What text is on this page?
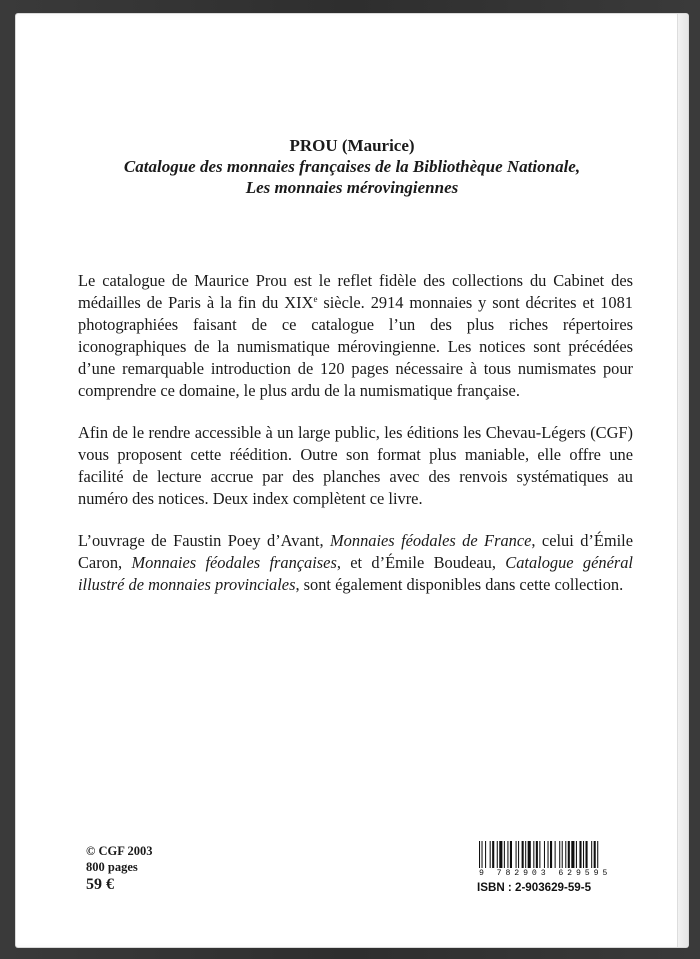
PROU (Maurice)
Catalogue des monnaies françaises de la Bibliothèque Nationale,
Les monnaies mérovingiennes

Le catalogue de Maurice Prou est le reflet fidèle des collections du Cabinet des médailles de Paris à la fin du XIXe siècle. 2914 monnaies y sont décrites et 1081 photographiées faisant de ce catalogue l’un des plus riches répertoires iconographiques de la numismatique mérovingienne. Les notices sont précédées d’une remarquable introduction de 120 pages nécessaire à tous numismates pour comprendre ce domaine, le plus ardu de la numismatique française.

Afin de le rendre accessible à un large public, les éditions les Chevau-Légers (CGF) vous proposent cette réédition. Outre son format plus maniable, elle offre une facilité de lecture accrue par des planches avec des renvois systématiques au numéro des notices. Deux index complètent ce livre.

L’ouvrage de Faustin Poey d’Avant, Monnaies féodales de France, celui d’Émile Caron, Monnaies féodales françaises, et d’Émile Boudeau, Catalogue général illustré de monnaies provinciales, sont également disponibles dans cette collection.

© CGF 2003
800 pages
59 €
9 782903 629595
ISBN : 2-903629-59-5
